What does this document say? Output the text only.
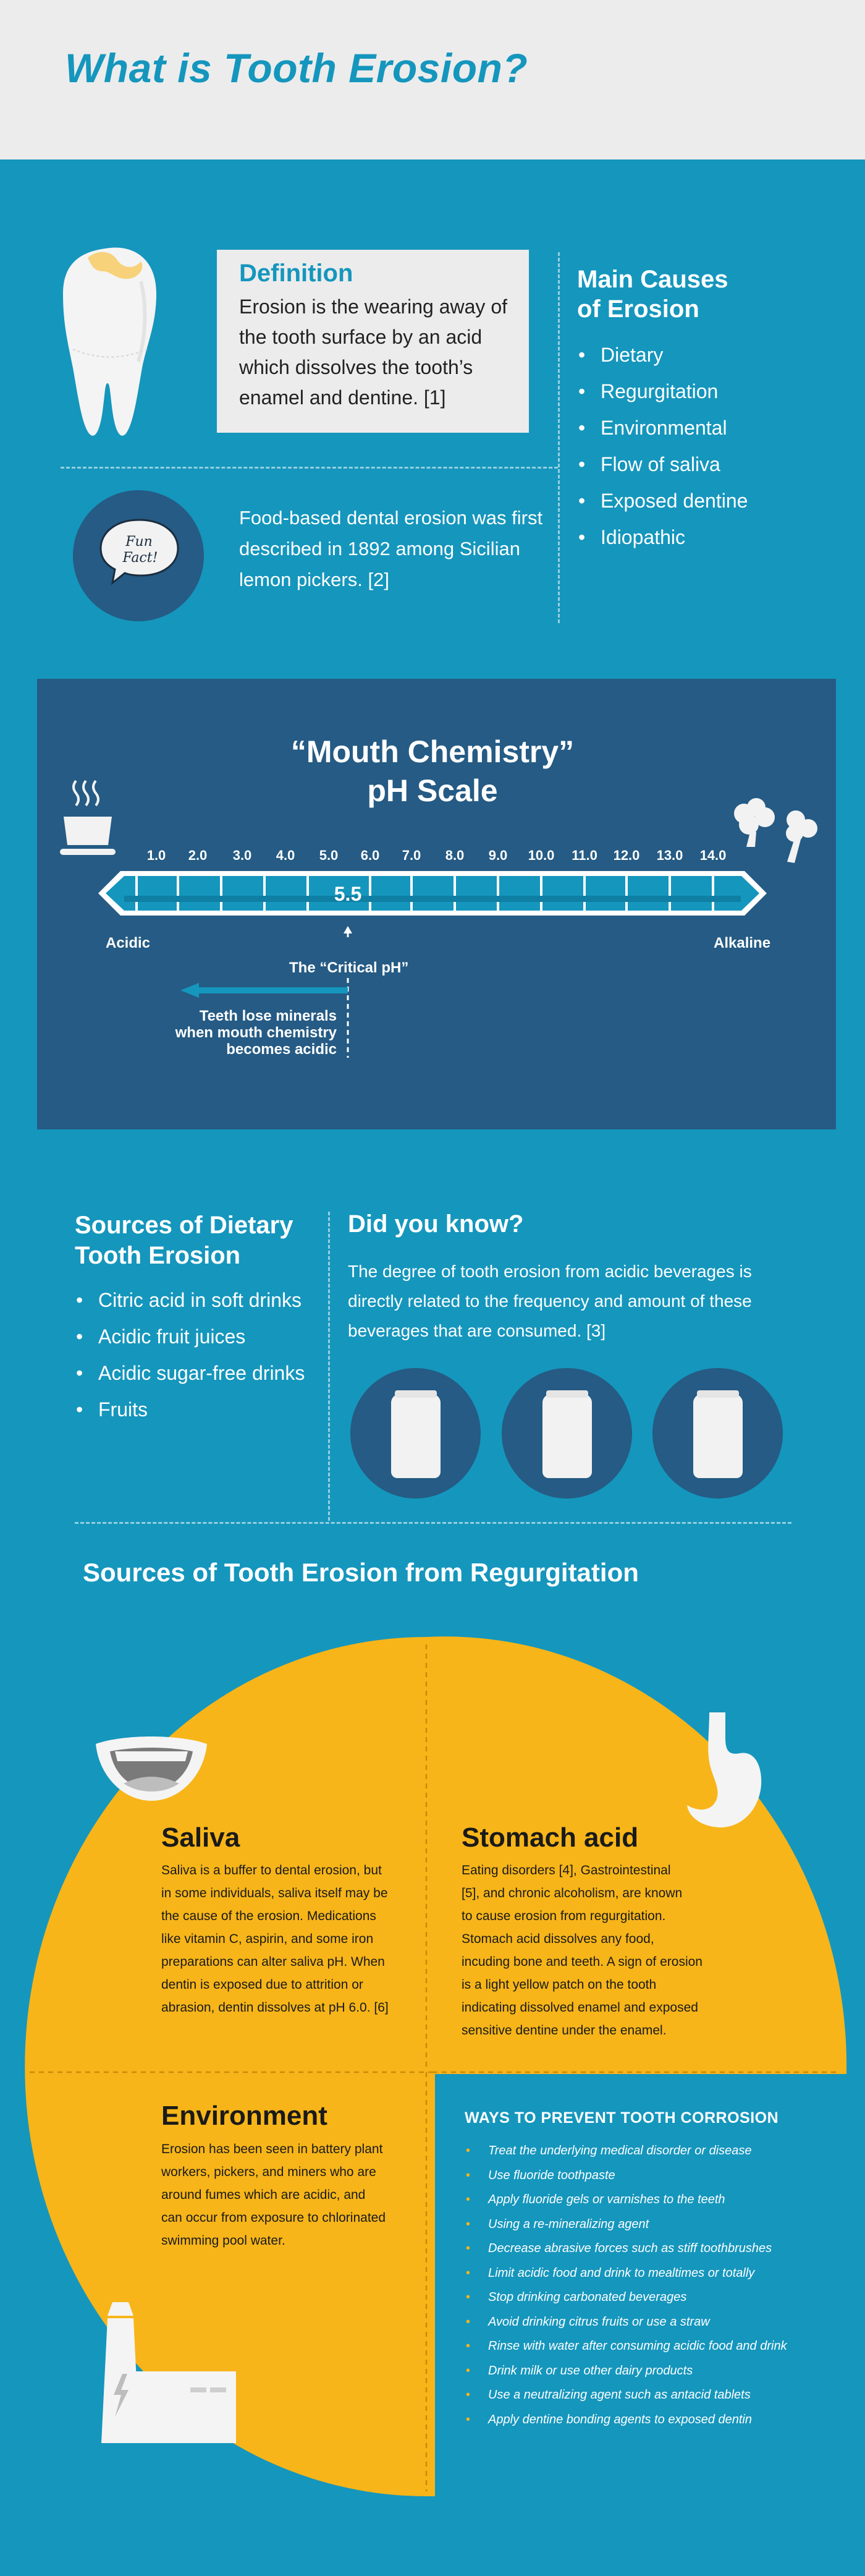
What is Tooth Erosion?
Definition
Erosion is the wearing away of the tooth surface by an acid which dissolves the tooth’s enamel and dentine. [1]
Fun
Fact!
Food-based dental erosion was first described in 1892 among Sicilian lemon pickers. [2]
Main Causes
of Erosion
• Dietary
• Regurgitation
• Environmental
• Flow of saliva
• Exposed dentine
• Idiopathic
“Mouth Chemistry”
pH Scale
1.0 2.0 3.0 4.0 5.0 6.0 7.0 8.0 9.0 10.0 11.0 12.0 13.0 14.0
5.5
Acidic	Alkaline
The “Critical pH”
Teeth lose minerals
when mouth chemistry
becomes acidic
Sources of Dietary
Tooth Erosion
• Citric acid in soft drinks
• Acidic fruit juices
• Acidic sugar-free drinks
• Fruits
Did you know?
The degree of tooth erosion from acidic beverages is directly related to the frequency and amount of these beverages that are consumed. [3]
Sources of Tooth Erosion from Regurgitation
Saliva
Saliva is a buffer to dental erosion, but
in some individuals, saliva itself may be
the cause of the erosion. Medications
like vitamin C, aspirin, and some iron
preparations can alter saliva pH. When
dentin is exposed due to attrition or
abrasion, dentin dissolves at pH 6.0. [6]
Stomach acid
Eating disorders [4], Gastrointestinal
[5], and chronic alcoholism, are known
to cause erosion from regurgitation.
Stomach acid dissolves any food,
incuding bone and teeth. A sign of erosion
is a light yellow patch on the tooth
indicating dissolved enamel and exposed
sensitive dentine under the enamel.
Environment
Erosion has been seen in battery plant
workers, pickers, and miners who are
around fumes which are acidic, and
can occur from exposure to chlorinated
swimming pool water.
WAYS TO PREVENT TOOTH CORROSION
• Treat the underlying medical disorder or disease
• Use fluoride toothpaste
• Apply fluoride gels or varnishes to the teeth
• Using a re-mineralizing agent
• Decrease abrasive forces such as stiff toothbrushes
• Limit acidic food and drink to mealtimes or totally
• Stop drinking carbonated beverages
• Avoid drinking citrus fruits or use a straw
• Rinse with water after consuming acidic food and drink
• Drink milk or use other dairy products
• Use a neutralizing agent such as antacid tablets
• Apply dentine bonding agents to exposed dentin
